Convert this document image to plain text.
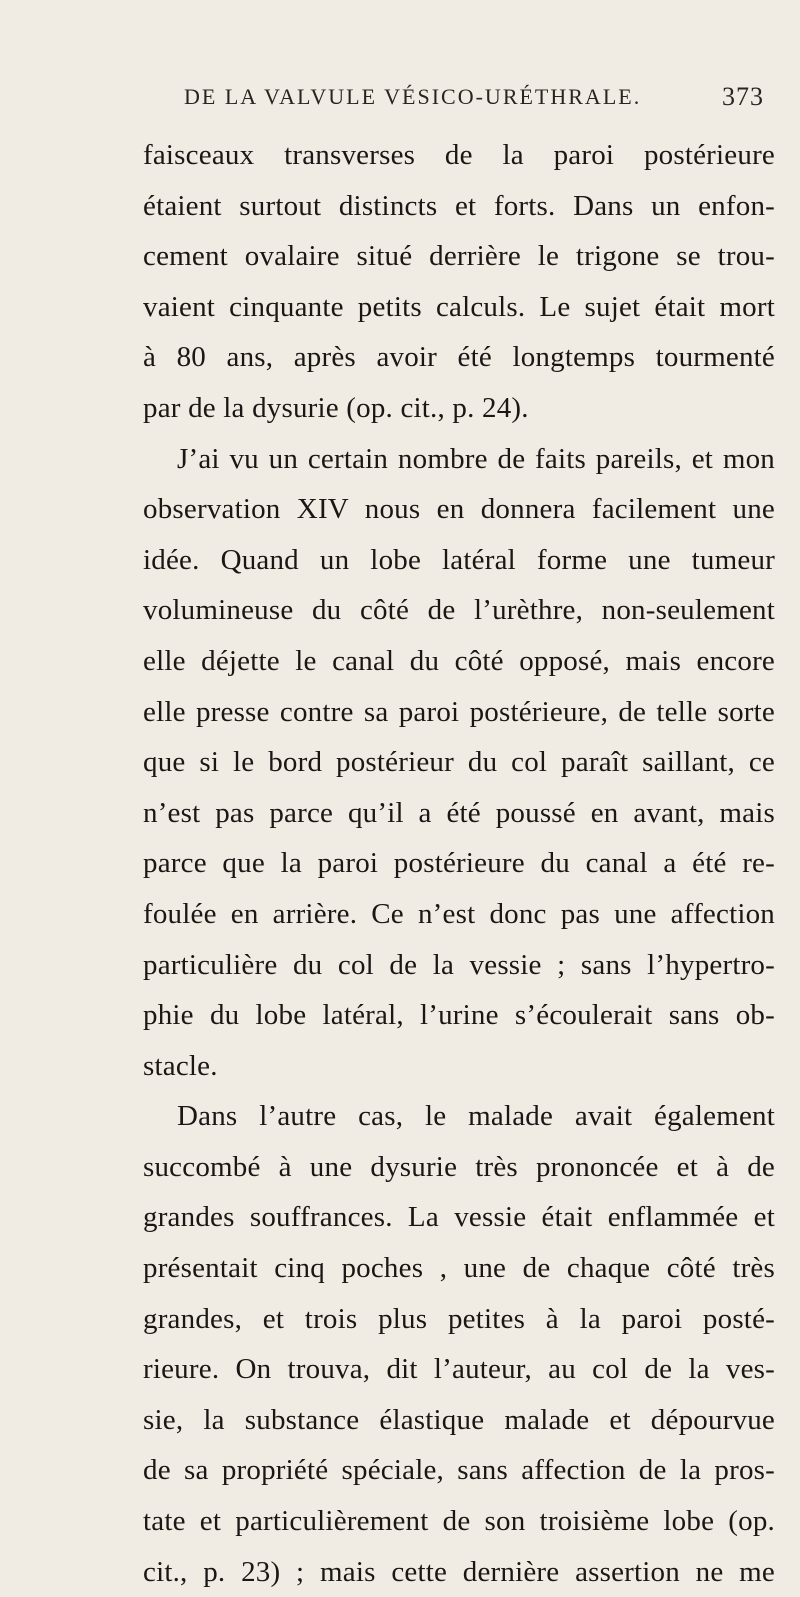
DE LA VALVULE VÉSICO-URÉTHRALE.	373
faisceaux transverses de la paroi postérieure
étaient surtout distincts et forts. Dans un enfon-
cement ovalaire situé derrière le trigone se trou-
vaient cinquante petits calculs. Le sujet était mort
à 80 ans, après avoir été longtemps tourmenté
par de la dysurie (op. cit., p. 24).
J’ai vu un certain nombre de faits pareils, et mon
observation XIV nous en donnera facilement une
idée. Quand un lobe latéral forme une tumeur
volumineuse du côté de l’urèthre, non-seulement
elle déjette le canal du côté opposé, mais encore
elle presse contre sa paroi postérieure, de telle sorte
que si le bord postérieur du col paraît saillant, ce
n’est pas parce qu’il a été poussé en avant, mais
parce que la paroi postérieure du canal a été re-
foulée en arrière. Ce n’est donc pas une affection
particulière du col de la vessie ; sans l’hypertro-
phie du lobe latéral, l’urine s’écoulerait sans ob-
stacle.
Dans l’autre cas, le malade avait également
succombé à une dysurie très prononcée et à de
grandes souffrances. La vessie était enflammée et
présentait cinq poches , une de chaque côté très
grandes, et trois plus petites à la paroi posté-
rieure. On trouva, dit l’auteur, au col de la ves-
sie, la substance élastique malade et dépourvue
de sa propriété spéciale, sans affection de la pros-
tate et particulièrement de son troisième lobe (op.
cit., p. 23) ; mais cette dernière assertion ne me
